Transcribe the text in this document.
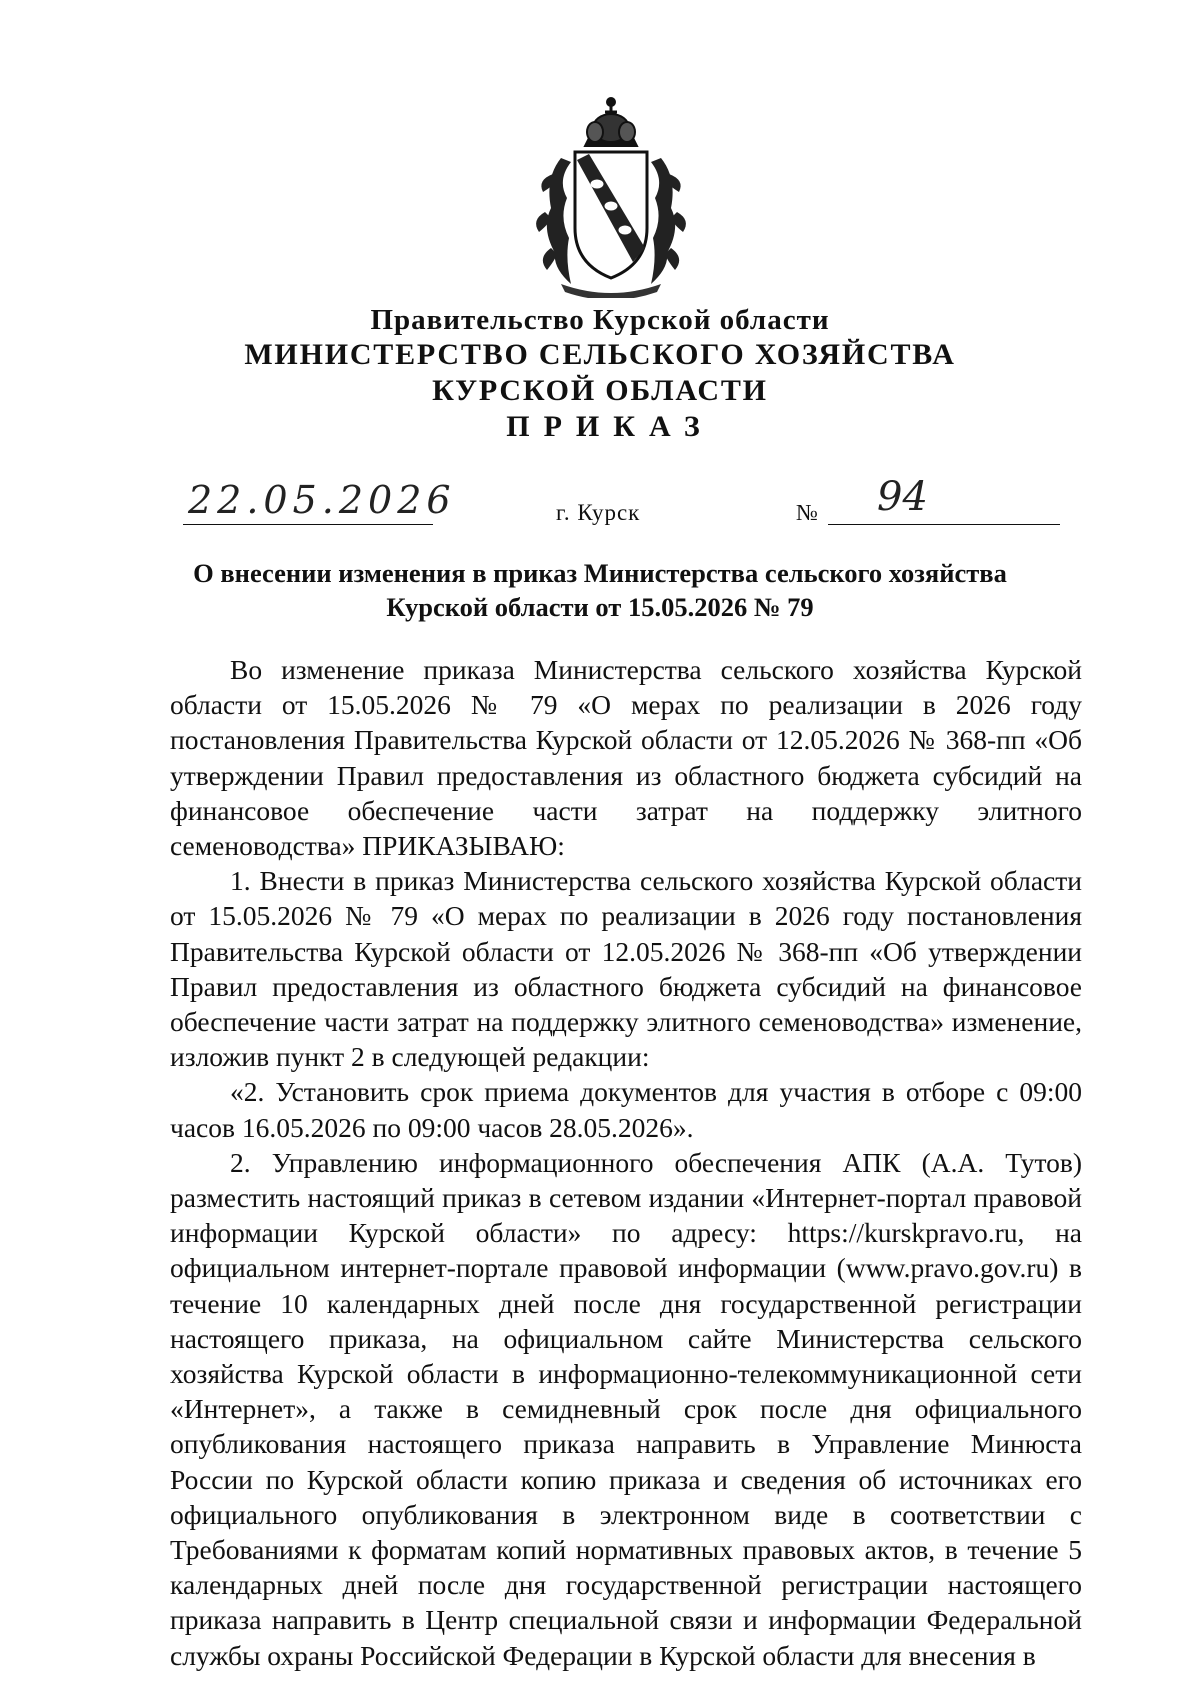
Правительство Курской области
МИНИСТЕРСТВО СЕЛЬСКОГО ХОЗЯЙСТВА
КУРСКОЙ ОБЛАСТИ
ПРИКАЗ
22.05.2026	г. Курск	№ 94
О внесении изменения в приказ Министерства сельского хозяйства
Курской области от 15.05.2026 № 79

Во изменение приказа Министерства сельского хозяйства Курской области от 15.05.2026 № 79 «О мерах по реализации в 2026 году постановления Правительства Курской области от 12.05.2026 № 368-пп «Об утверждении Правил предоставления из областного бюджета субсидий на финансовое обеспечение части затрат на поддержку элитного семеноводства» ПРИКАЗЫВАЮ:

1. Внести в приказ Министерства сельского хозяйства Курской области от 15.05.2026 № 79 «О мерах по реализации в 2026 году постановления Правительства Курской области от 12.05.2026 № 368-пп «Об утверждении Правил предоставления из областного бюджета субсидий на финансовое обеспечение части затрат на поддержку элитного семеноводства» изменение, изложив пункт 2 в следующей редакции:

«2. Установить срок приема документов для участия в отборе с 09:00 часов 16.05.2026 по 09:00 часов 28.05.2026».

2. Управлению информационного обеспечения АПК (А.А. Тутов) разместить настоящий приказ в сетевом издании «Интернет-портал правовой информации Курской области» по адресу: https://kurskpravo.ru, на официальном интернет-портале правовой информации (www.pravo.gov.ru) в течение 10 календарных дней после дня государственной регистрации настоящего приказа, на официальном сайте Министерства сельского хозяйства Курской области в информационно-телекоммуникационной сети «Интернет», а также в семидневный срок после дня официального опубликования настоящего приказа направить в Управление Минюста России по Курской области копию приказа и сведения об источниках его официального опубликования в электронном виде в соответствии с Требованиями к форматам копий нормативных правовых актов, в течение 5 календарных дней после дня государственной регистрации настоящего приказа направить в Центр специальной связи и информации Федеральной службы охраны Российской Федерации в Курской области для внесения в
